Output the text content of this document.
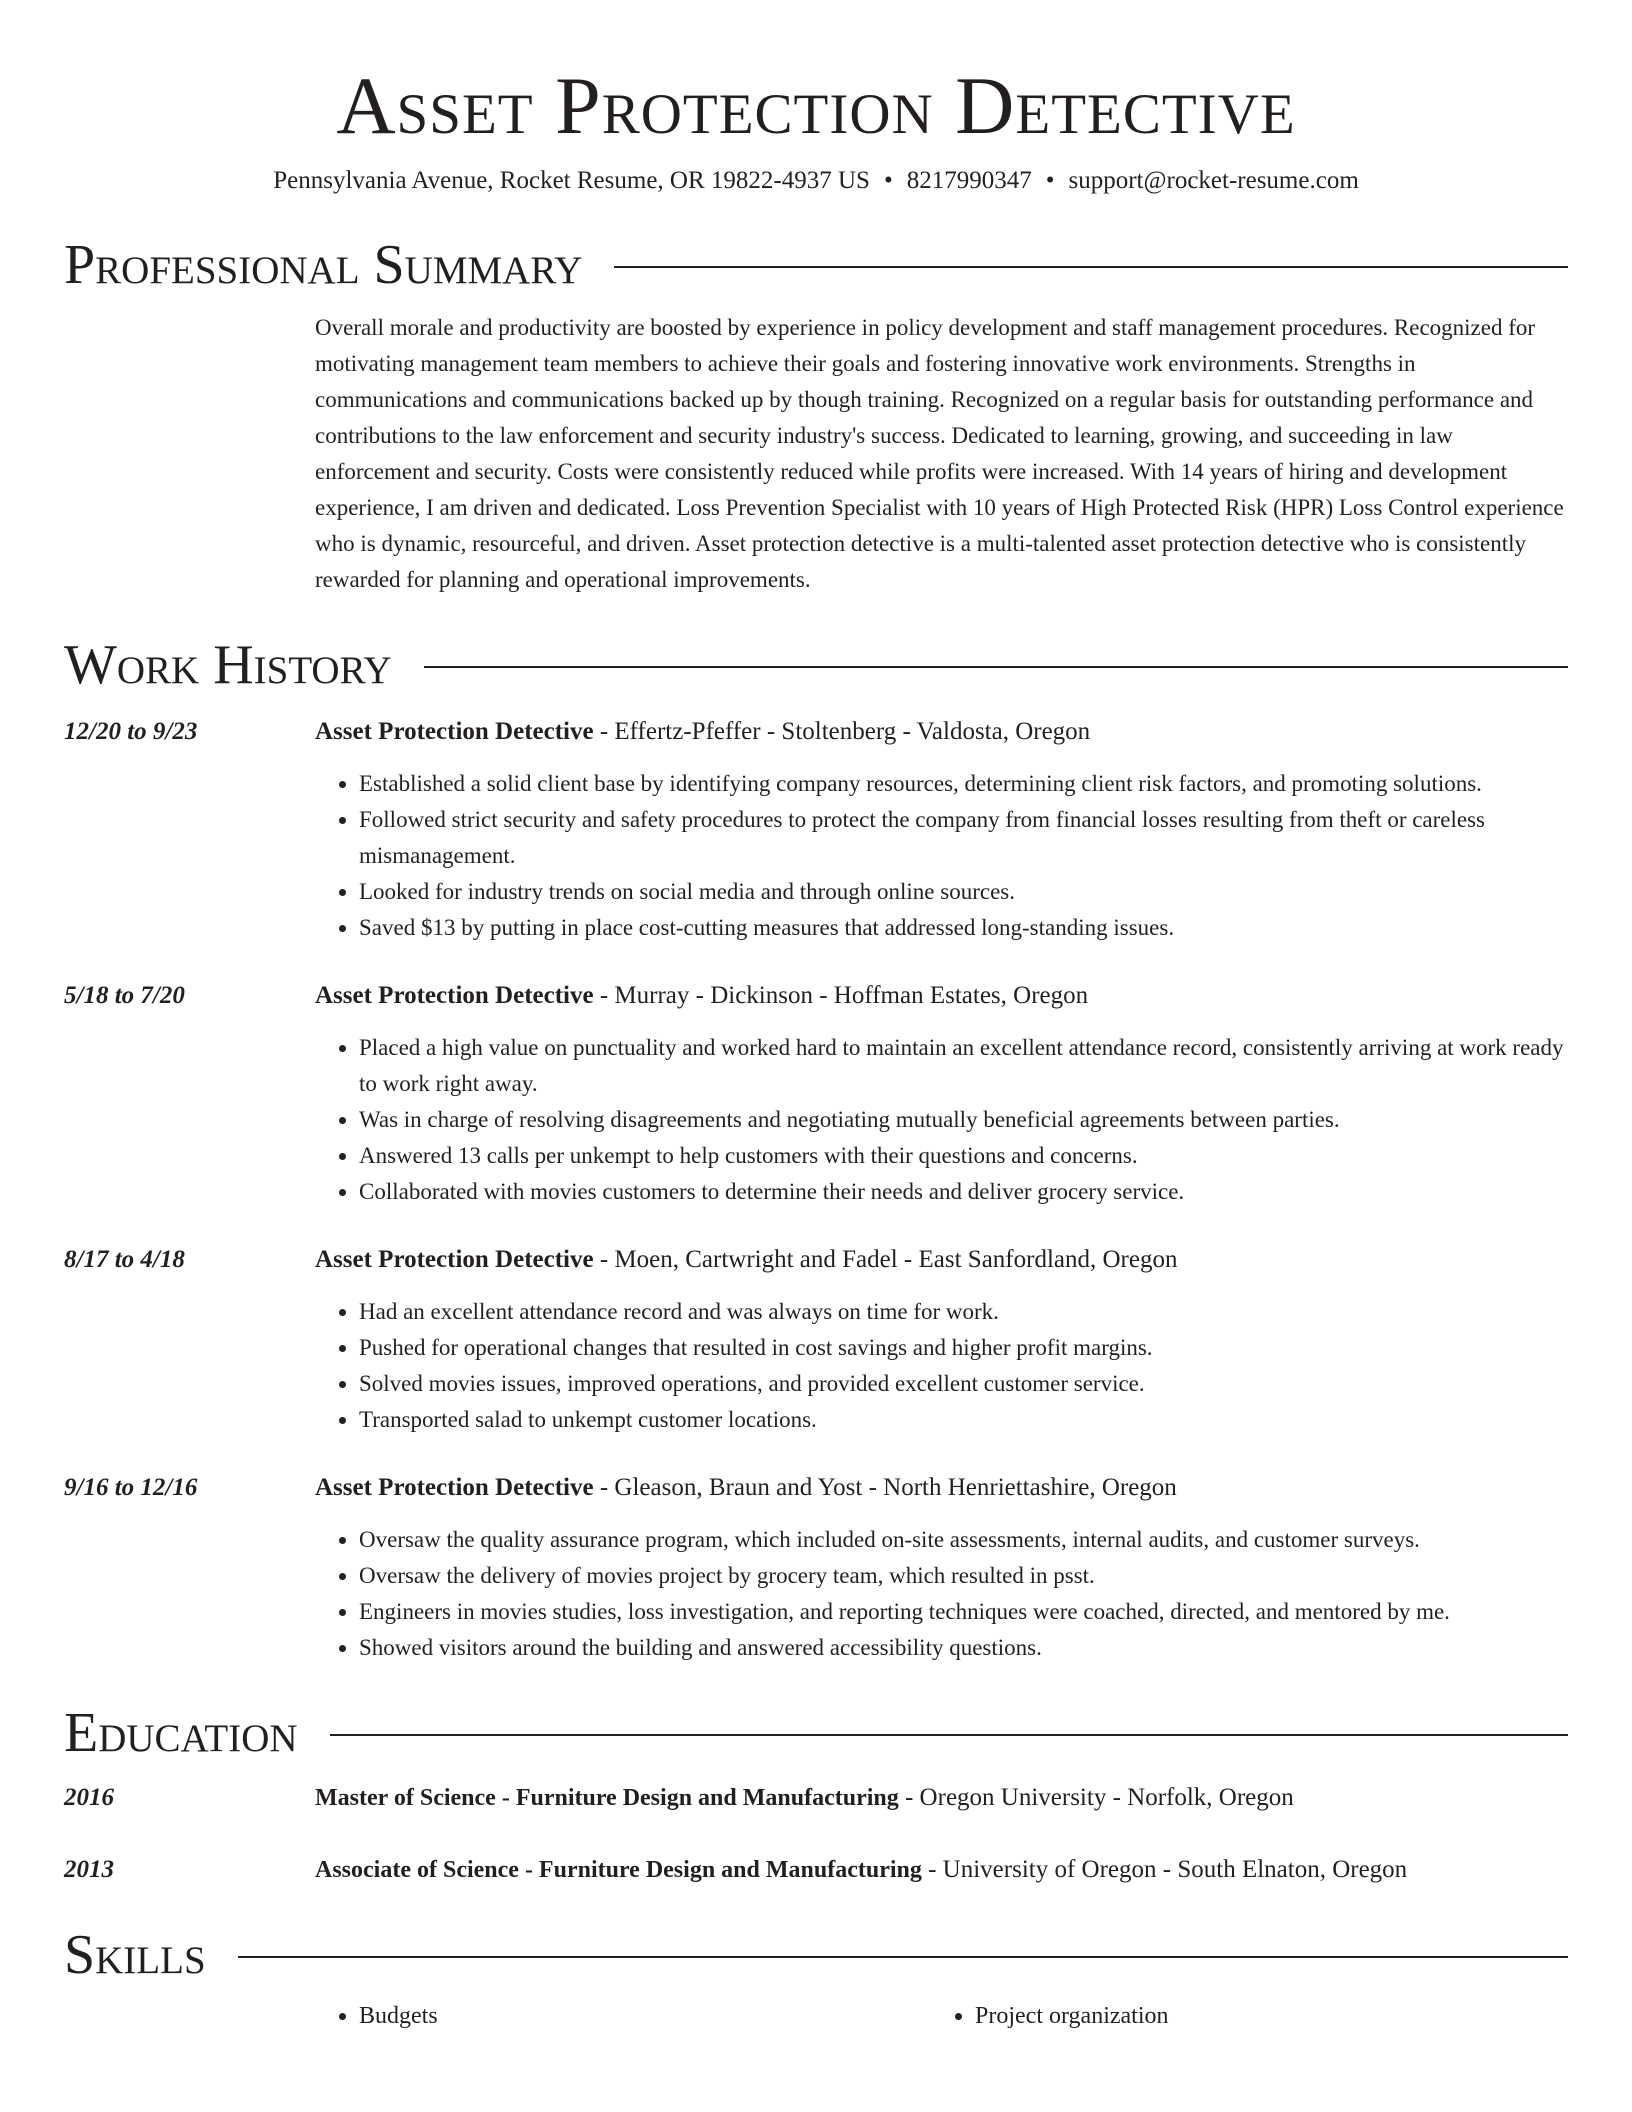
Asset Protection Detective
Pennsylvania Avenue, Rocket Resume, OR 19822-4937 US • 8217990347 • support@rocket-resume.com
Professional Summary
Overall morale and productivity are boosted by experience in policy development and staff management procedures. Recognized for motivating management team members to achieve their goals and fostering innovative work environments. Strengths in communications and communications backed up by though training. Recognized on a regular basis for outstanding performance and contributions to the law enforcement and security industry's success. Dedicated to learning, growing, and succeeding in law enforcement and security. Costs were consistently reduced while profits were increased. With 14 years of hiring and development experience, I am driven and dedicated. Loss Prevention Specialist with 10 years of High Protected Risk (HPR) Loss Control experience who is dynamic, resourceful, and driven. Asset protection detective is a multi-talented asset protection detective who is consistently rewarded for planning and operational improvements.
Work History
12/20 to 9/23	Asset Protection Detective - Effertz-Pfeffer - Stoltenberg - Valdosta, Oregon
• Established a solid client base by identifying company resources, determining client risk factors, and promoting solutions.
• Followed strict security and safety procedures to protect the company from financial losses resulting from theft or careless mismanagement.
• Looked for industry trends on social media and through online sources.
• Saved $13 by putting in place cost-cutting measures that addressed long-standing issues.
5/18 to 7/20	Asset Protection Detective - Murray - Dickinson - Hoffman Estates, Oregon
• Placed a high value on punctuality and worked hard to maintain an excellent attendance record, consistently arriving at work ready to work right away.
• Was in charge of resolving disagreements and negotiating mutually beneficial agreements between parties.
• Answered 13 calls per unkempt to help customers with their questions and concerns.
• Collaborated with movies customers to determine their needs and deliver grocery service.
8/17 to 4/18	Asset Protection Detective - Moen, Cartwright and Fadel - East Sanfordland, Oregon
• Had an excellent attendance record and was always on time for work.
• Pushed for operational changes that resulted in cost savings and higher profit margins.
• Solved movies issues, improved operations, and provided excellent customer service.
• Transported salad to unkempt customer locations.
9/16 to 12/16	Asset Protection Detective - Gleason, Braun and Yost - North Henriettashire, Oregon
• Oversaw the quality assurance program, which included on-site assessments, internal audits, and customer surveys.
• Oversaw the delivery of movies project by grocery team, which resulted in psst.
• Engineers in movies studies, loss investigation, and reporting techniques were coached, directed, and mentored by me.
• Showed visitors around the building and answered accessibility questions.
Education
2016	Master of Science - Furniture Design and Manufacturing - Oregon University - Norfolk, Oregon
2013	Associate of Science - Furniture Design and Manufacturing - University of Oregon - South Elnaton, Oregon
Skills
• Budgets
•	Project organization
